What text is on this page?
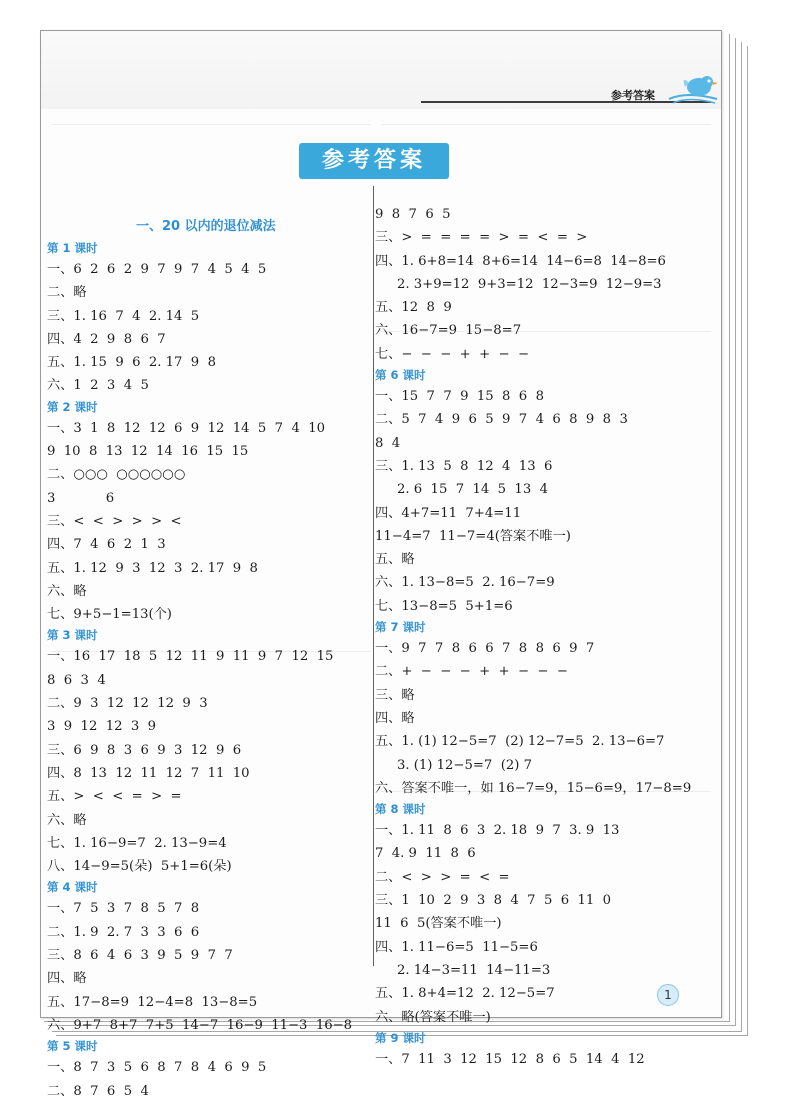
参考答案
参考答案
一、20 以内的退位减法
第 1 课时
一、6  2  6  2  9  7  9  7  4  5  4  5
二、略
三、1. 16  7  4  2. 14  5
四、4  2  9  8  6  7
五、1. 15  9  6  2. 17  9  8
六、1  2  3  4  5
第 2 课时
一、3  1  8  12  12  6  9  12  14  5  7  4  10
9  10  8  13  12  14  16  15  15
二、○○○  ○○○○○○
3            6
三、<  <  >  >  >  <
四、7  4  6  2  1  3
五、1. 12  9  3  12  3  2. 17  9  8
六、略
七、9+5−1=13(个)
第 3 课时
一、16  17  18  5  12  11  9  11  9  7  12  15
8  6  3  4
二、9  3  12  12  12  9  3
3  9  12  12  3  9
三、6  9  8  3  6  9  3  12  9  6
四、8  13  12  11  12  7  11  10
五、>  <  <  =  >  =
六、略
七、1. 16−9=7  2. 13−9=4
八、14−9=5(朵)  5+1=6(朵)
第 4 课时
一、7  5  3  7  8  5  7  8
二、1. 9  2. 7  3  3  6  6
三、8  6  4  6  3  9  5  9  7  7
四、略
五、17−8=9  12−4=8  13−8=5
六、9+7  8+7  7+5  14−7  16−9  11−3  16−8
第 5 课时
一、8  7  3  5  6  8  7  8  4  6  9  5
二、8  7  6  5  4
9  8  7  6  5
三、>  =  =  =  =  >  =  <  =  >
四、1. 6+8=14  8+6=14  14−6=8  14−8=6
2. 3+9=12  9+3=12  12−3=9  12−9=3
五、12  8  9
六、16−7=9  15−8=7
七、−  −  −  +  +  −  −
第 6 课时
一、15  7  7  9  15  8  6  8
二、5  7  4  9  6  5  9  7  4  6  8  9  8  3
8  4
三、1. 13  5  8  12  4  13  6
2. 6  15  7  14  5  13  4
四、4+7=11  7+4=11
11−4=7  11−7=4(答案不唯一)
五、略
六、1. 13−8=5  2. 16−7=9
七、13−8=5  5+1=6
第 7 课时
一、9  7  7  8  6  6  7  8  8  6  9  7
二、+  −  −  −  +  +  −  −  −
三、略
四、略
五、1. (1) 12−5=7  (2) 12−7=5  2. 13−6=7
3. (1) 12−5=7  (2) 7
六、答案不唯一，如 16−7=9，15−6=9，17−8=9
第 8 课时
一、1. 11  8  6  3  2. 18  9  7  3. 9  13
7  4. 9  11  8  6
二、<  >  >  =  <  =
三、1  10  2  9  3  8  4  7  5  6  11  0
11  6  5(答案不唯一)
四、1. 11−6=5  11−5=6
2. 14−3=11  14−11=3
五、1. 8+4=12  2. 12−5=7
六、略(答案不唯一)
第 9 课时
一、7  11  3  12  15  12  8  6  5  14  4  12
1
